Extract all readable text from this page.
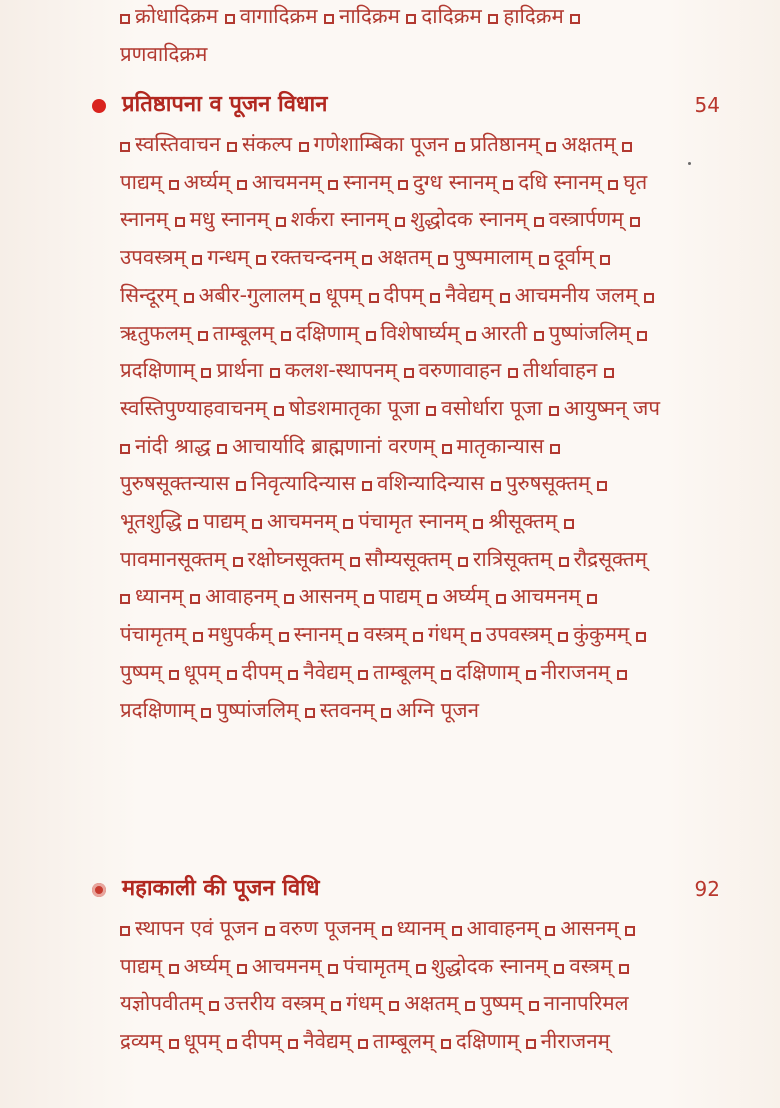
क्रोधादिक्रम वागादिक्रम नादिक्रम दादिक्रम हादिक्रम प्रणवादिक्रम
प्रतिष्ठापना व पूजन विधान	54
स्वस्तिवाचन संकल्प गणेशाम्बिका पूजन प्रतिष्ठानम् अक्षतम् पाद्यम् अर्घ्यम् आचमनम् स्नानम् दुग्ध स्नानम् दधि स्नानम् घृत स्नानम् मधु स्नानम् शर्करा स्नानम् शुद्धोदक स्नानम् वस्त्रार्पणम् उपवस्त्रम् गन्धम् रक्तचन्दनम् अक्षतम् पुष्पमालाम् दूर्वाम् सिन्दूरम् अबीर-गुलालम् धूपम् दीपम् नैवेद्यम् आचमनीय जलम् ऋतुफलम् ताम्बूलम् दक्षिणाम् विशेषार्घ्यम् आरती पुष्पांजलिम् प्रदक्षिणाम् प्रार्थना कलश-स्थापनम् वरुणावाहन तीर्थावाहन स्वस्तिपुण्याहवाचनम् षोडशमातृका पूजा वसोर्धारा पूजा आयुष्मन् जप नांदी श्राद्ध आचार्यादि ब्राह्मणानां वरणम् मातृकान्यास पुरुषसूक्तन्यास निवृत्यादिन्यास वशिन्यादिन्यास पुरुषसूक्तम् भूतशुद्धि पाद्यम् आचमनम् पंचामृत स्नानम् श्रीसूक्तम् पावमानसूक्तम् रक्षोघ्नसूक्तम् सौम्यसूक्तम् रात्रिसूक्तम् रौद्रसूक्तम् ध्यानम् आवाहनम् आसनम् पाद्यम् अर्घ्यम् आचमनम् पंचामृतम् मधुपर्कम् स्नानम् वस्त्रम् गंधम् उपवस्त्रम् कुंकुमम् पुष्पम् धूपम् दीपम् नैवेद्यम् ताम्बूलम् दक्षिणाम् नीराजनम् प्रदक्षिणाम् पुष्पांजलिम् स्तवनम् अग्नि पूजन
महाकाली की पूजन विधि	92
स्थापन एवं पूजन वरुण पूजनम् ध्यानम् आवाहनम् आसनम् पाद्यम् अर्घ्यम् आचमनम् पंचामृतम् शुद्धोदक स्नानम् वस्त्रम् यज्ञोपवीतम् उत्तरीय वस्त्रम् गंधम् अक्षतम् पुष्पम् नानापरिमल द्रव्यम् धूपम् दीपम् नैवेद्यम् ताम्बूलम् दक्षिणाम् नीराजनम्
